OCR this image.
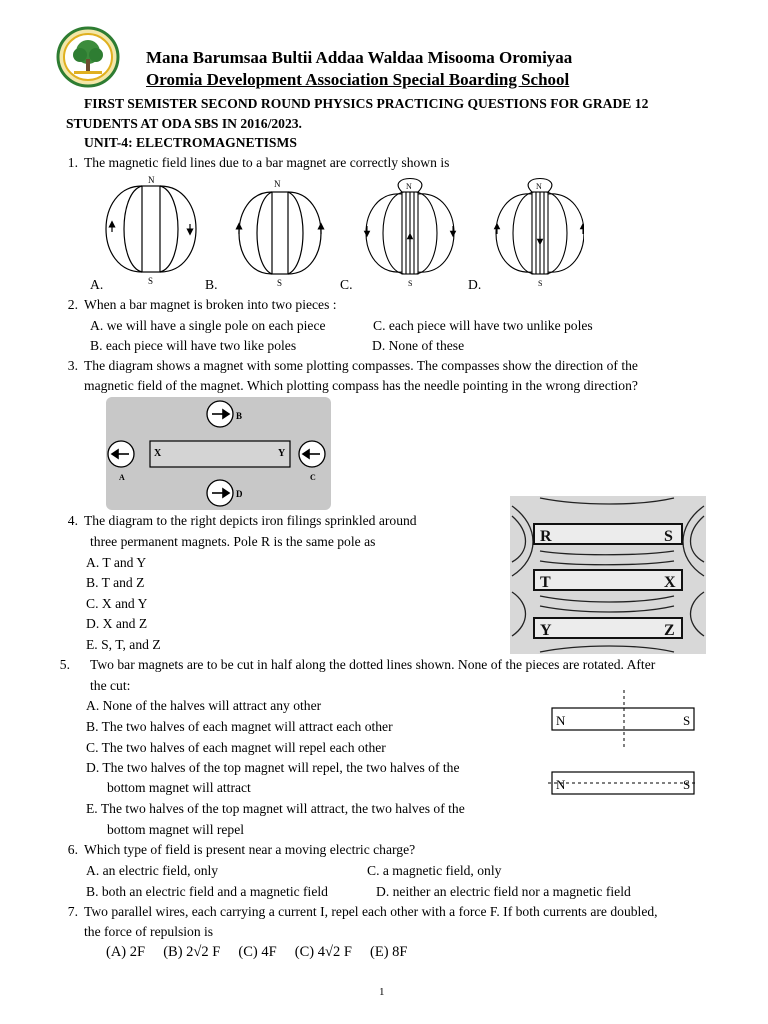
Mana Barumsaa Bultii Addaa Waldaa Misooma Oromiyaa
Oromia Development Association Special Boarding School
FIRST SEMISTER SECOND ROUND PHYSICS PRACTICING QUESTIONS FOR GRADE 12
STUDENTS AT ODA SBS IN 2016/2023.
UNIT-4: ELECTROMAGNETISMS
1. The magnetic field lines due to a bar magnet are correctly shown is
N
S
N
S
N
S
N
S
A.	B.	C.	D.
2. When a bar magnet is broken into two pieces :
A. we will have a single pole on each piece	C. each piece will have two unlike poles
B. each piece will have two like poles	D. None of these
3. The diagram shows a magnet with some plotting compasses. The compasses show the direction of the
magnetic field of the magnet. Which plotting compass has the needle pointing in the wrong direction?
X	Y
B
A	C
D
4. The diagram to the right depicts iron filings sprinkled around
three permanent magnets. Pole R is the same pole as
A. T and Y
B. T and Z
C. X and Y
D. X and Z
E. S, T, and Z
R	S
T	X
Y	Z
5. Two bar magnets are to be cut in half along the dotted lines shown. None of the pieces are rotated. After
the cut:
A. None of the halves will attract any other
B. The two halves of each magnet will attract each other
C. The two halves of each magnet will repel each other
D. The two halves of the top magnet will repel, the two halves of the
bottom magnet will attract
E. The two halves of the top magnet will attract, the two halves of the
bottom magnet will repel
N	S
N	S
6. Which type of field is present near a moving electric charge?
A. an electric field, only	C. a magnetic field, only
B. both an electric field and a magnetic field	D. neither an electric field nor a magnetic field
7. Two parallel wires, each carrying a current I, repel each other with a force F. If both currents are doubled,
the force of repulsion is
(A) 2F     (B) 2√2 F     (C) 4F     (C) 4√2 F     (E) 8F
1
